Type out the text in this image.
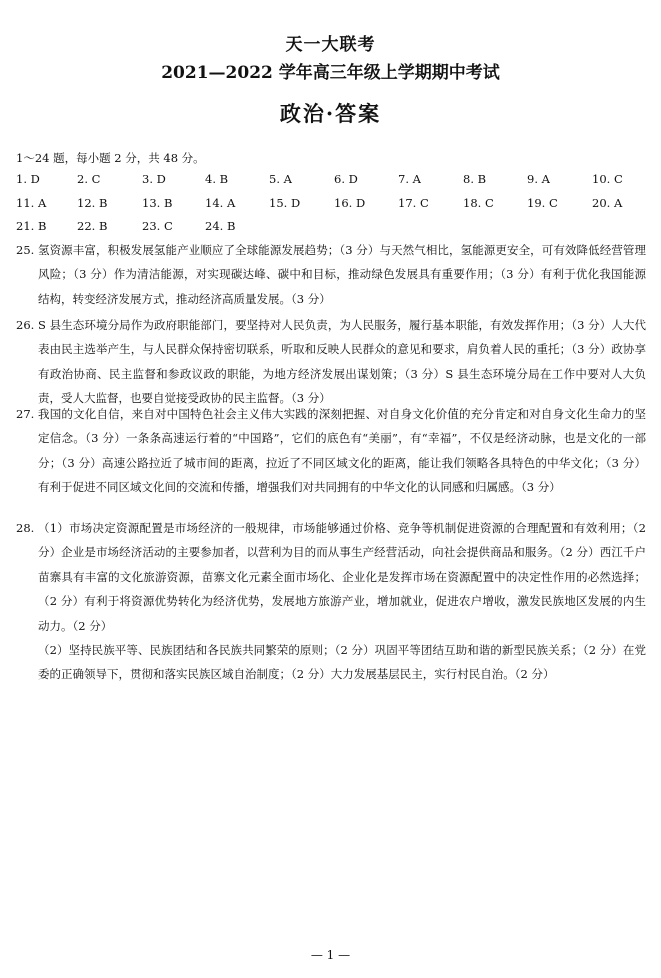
天一大联考
2021—2022 学年高三年级上学期期中考试
政治·答案
1～24 题，每小题 2 分，共 48 分。
1. D	2. C	3. D	4. B	5. A	6. D	7. A	8. B	9. A	10. C
11. A	12. B	13. B	14. A	15. D	16. D	17. C	18. C	19. C	20. A
21. B	22. B	23. C	24. B
25. 氢资源丰富，积极发展氢能产业顺应了全球能源发展趋势；（3 分）与天然气相比，氢能源更安全，可有效降低经营管理风险；（3 分）作为清洁能源，对实现碳达峰、碳中和目标，推动绿色发展具有重要作用；（3 分）有利于优化我国能源结构，转变经济发展方式，推动经济高质量发展。（3 分）
26. S 县生态环境分局作为政府职能部门，要坚持对人民负责，为人民服务，履行基本职能，有效发挥作用；（3 分）人大代表由民主选举产生，与人民群众保持密切联系，听取和反映人民群众的意见和要求，肩负着人民的重托；（3 分）政协享有政治协商、民主监督和参政议政的职能，为地方经济发展出谋划策；（3 分）S 县生态环境分局在工作中要对人大负责，受人大监督，也要自觉接受政协的民主监督。（3 分）
27. 我国的文化自信，来自对中国特色社会主义伟大实践的深刻把握、对自身文化价值的充分肯定和对自身文化生命力的坚定信念。（3 分）一条条高速运行着的“中国路”，它们的底色有“美丽”，有“幸福”，不仅是经济动脉，也是文化的一部分；（3 分）高速公路拉近了城市间的距离，拉近了不同区域文化的距离，能让我们领略各具特色的中华文化；（3 分）有利于促进不同区域文化间的交流和传播，增强我们对共同拥有的中华文化的认同感和归属感。（3 分）
28. （1）市场决定资源配置是市场经济的一般规律，市场能够通过价格、竞争等机制促进资源的合理配置和有效利用；（2 分）企业是市场经济活动的主要参加者，以营利为目的而从事生产经营活动，向社会提供商品和服务。（2 分）西江千户苗寨具有丰富的文化旅游资源，苗寨文化元素全面市场化、企业化是发挥市场在资源配置中的决定性作用的必然选择；（2 分）有利于将资源优势转化为经济优势，发展地方旅游产业，增加就业，促进农户增收，激发民族地区发展的内生动力。（2 分）
（2）坚持民族平等、民族团结和各民族共同繁荣的原则；（2 分）巩固平等团结互助和谐的新型民族关系；（2 分）在党委的正确领导下，贯彻和落实民族区域自治制度；（2 分）大力发展基层民主，实行村民自治。（2 分）
— 1 —
